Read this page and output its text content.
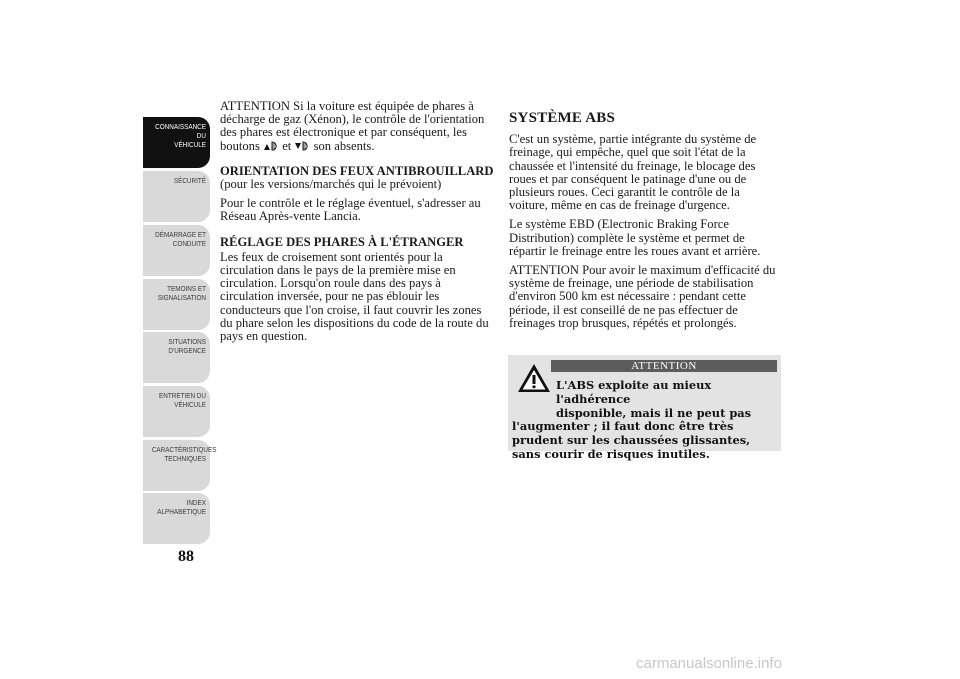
CONNAISSANCE DU
VÉHICULE
SÉCURITÉ
DÉMARRAGE ET
CONDUITE
TEMOINS ET
SIGNALISATION
SITUATIONS
D'URGENCE
ENTRETIEN DU
VÉHICULE
CARACTÉRISTIQUES
TECHNIQUES
INDEX
ALPHABETIQUE
88

ATTENTION Si la voiture est équipée de phares à décharge de gaz (Xénon), le contrôle de l'orientation des phares est électronique et par conséquent, les boutons et son absents.

ORIENTATION DES FEUX ANTIBROUILLARD

(pour les versions/marchés qui le prévoient)

Pour le contrôle et le réglage éventuel, s'adresser au Réseau Après-vente Lancia.

RÉGLAGE DES PHARES À L'ÉTRANGER

Les feux de croisement sont orientés pour la circulation dans le pays de la première mise en circulation. Lorsqu'on roule dans des pays à circulation inversée, pour ne pas éblouir les conducteurs que l'on croise, il faut couvrir les zones du phare selon les dispositions du code de la route du pays en question.

SYSTÈME ABS

C'est un système, partie intégrante du système de freinage, qui empêche, quel que soit l'état de la chaussée et l'intensité du freinage, le blocage des roues et par conséquent le patinage d'une ou de plusieurs roues. Ceci garantit le contrôle de la voiture, même en cas de freinage d'urgence.

Le système EBD (Electronic Braking Force Distribution) complète le système et permet de répartir le freinage entre les roues avant et arrière.

ATTENTION Pour avoir le maximum d'efficacité du système de freinage, une période de stabilisation d'environ 500 km est nécessaire : pendant cette période, il est conseillé de ne pas effectuer de freinages trop brusques, répétés et prolongés.

ATTENTION
L'ABS exploite au mieux l'adhérence
disponible, mais il ne peut pas
l'augmenter ; il faut donc être très prudent sur les chaussées glissantes, sans courir de risques inutiles.
carmanualsonline.info
